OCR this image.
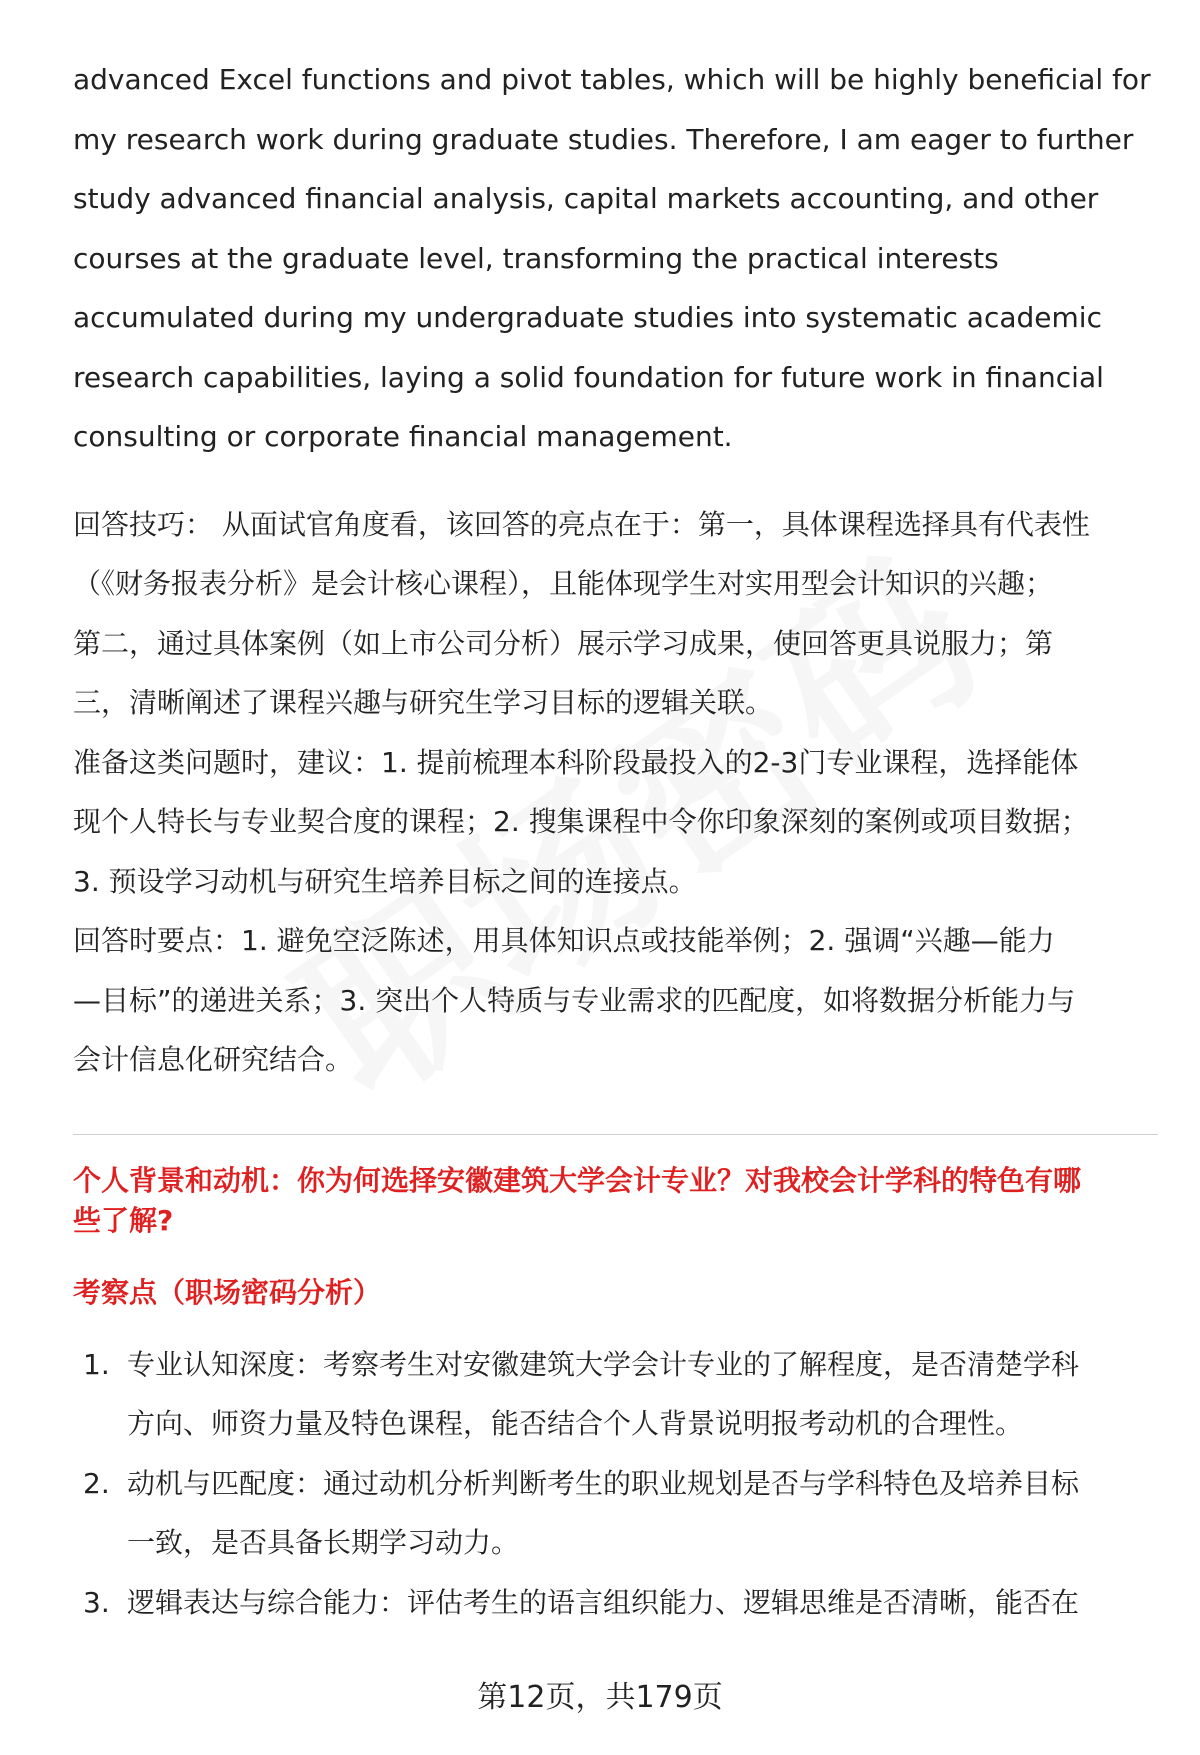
advanced Excel functions and pivot tables, which will be highly beneficial for

my research work during graduate studies. Therefore, I am eager to further

study advanced financial analysis, capital markets accounting, and other

courses at the graduate level, transforming the practical interests

accumulated during my undergraduate studies into systematic academic

research capabilities, laying a solid foundation for future work in financial

consulting or corporate financial management.

回答技巧： 从面试官角度看，该回答的亮点在于：第一，具体课程选择具有代表性

（《财务报表分析》是会计核心课程），且能体现学生对实用型会计知识的兴趣；

第二，通过具体案例（如上市公司分析）展示学习成果，使回答更具说服力；第

三，清晰阐述了课程兴趣与研究生学习目标的逻辑关联。

准备这类问题时，建议：1. 提前梳理本科阶段最投入的2-3门专业课程，选择能体

现个人特长与专业契合度的课程；2. 搜集课程中令你印象深刻的案例或项目数据；

3. 预设学习动机与研究生培养目标之间的连接点。

回答时要点：1. 避免空泛陈述，用具体知识点或技能举例；2. 强调“兴趣—能力

—目标”的递进关系；3. 突出个人特质与专业需求的匹配度，如将数据分析能力与

会计信息化研究结合。

个人背景和动机：你为何选择安徽建筑大学会计专业？对我校会计学科的特色有哪

些了解?

考察点（职场密码分析）

1. 专业认知深度：考察考生对安徽建筑大学会计专业的了解程度，是否清楚学科
方向、师资力量及特色课程，能否结合个人背景说明报考动机的合理性。
2. 动机与匹配度：通过动机分析判断考生的职业规划是否与学科特色及培养目标
一致，是否具备长期学习动力。
3. 逻辑表达与综合能力：评估考生的语言组织能力、逻辑思维是否清晰，能否在
第12页，共179页
